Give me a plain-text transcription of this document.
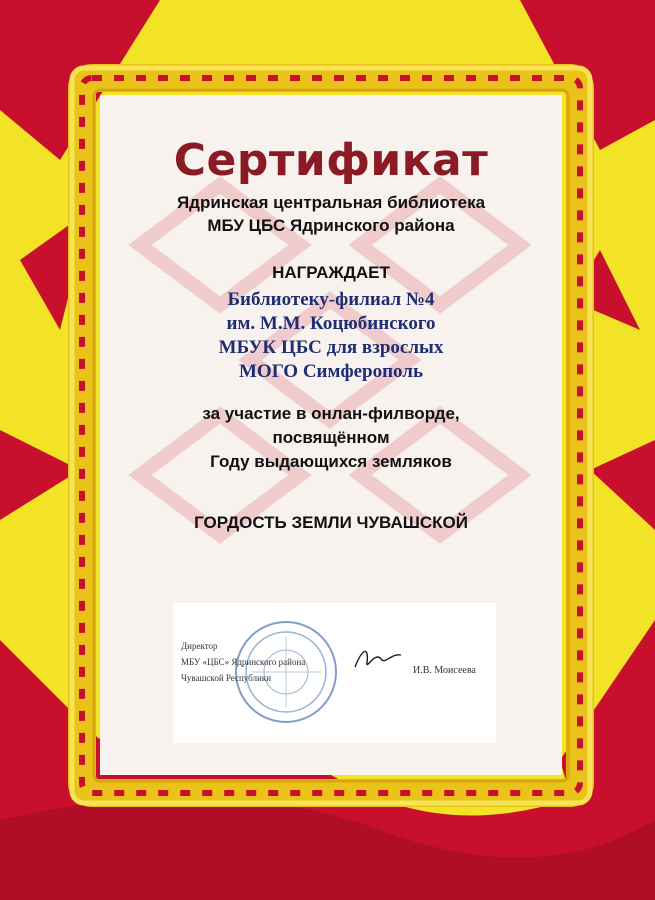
Сертификат
Ядринская центральная библиотека
МБУ ЦБС Ядринского района
НАГРАЖДАЕТ
Библиотеку-филиал №4
им. М.М. Коцюбинского
МБУК ЦБС для взрослых
МОГО Симферополь
за участие в онлан-филворде,
посвящённом
Году выдающихся земляков
ГОРДОСТЬ ЗЕМЛИ ЧУВАШСКОЙ
Директор
МБУ «ЦБС» Ядринского района
Чувашской Республики
И.В. Моисеева
